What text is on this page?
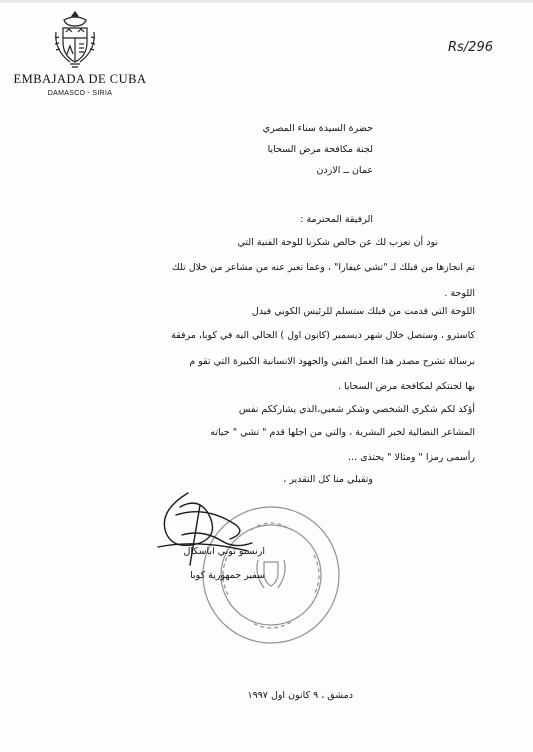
EMBAJADA DE CUBA
DAMASCO - SIRIA
Rs/296
حضرة السيدة سناء المصري
لجنة مكافحة مرض السحايا
عمان ــ الاردن
الرفيقة المحترمة :
نود أن نعرب لك عن خالص شكرنا للوحة الفنية التي
تم انجازها من قبلك لـ "تشي غيفارا" ، وعما تعبر عنه من مشاعر من خلال تلك
اللوحة .
اللوحة التي قدمت من قبلك ستسلم للرئيس الكوبي فيدل
كاسترو ، وستصل خلال شهر ديسمبر (كانون اول ) الحالي اليه في كوبا، مرفقة
برسالة تشرح مصدر هذا العمل الفني والجهود الانسانية الكبيرة التي تقو م
بها لجنتكم لمكافحة مرض السحايا .
أؤكد لكم شكري الشخصي وشكر شعبي،الذي يشارككم نفس
المشاعر النضالية لخير البشرية ، والتي من اجلها قدم " تشي " حياته
رأسمى رمزا " ومثالا " يحتذى ...
وتقبلي منا كل التقدير ،
ارنستو توني اباسكال
سفير جمهورية كوبا
دمشق ، ٩ كانون اول ١٩٩٧
